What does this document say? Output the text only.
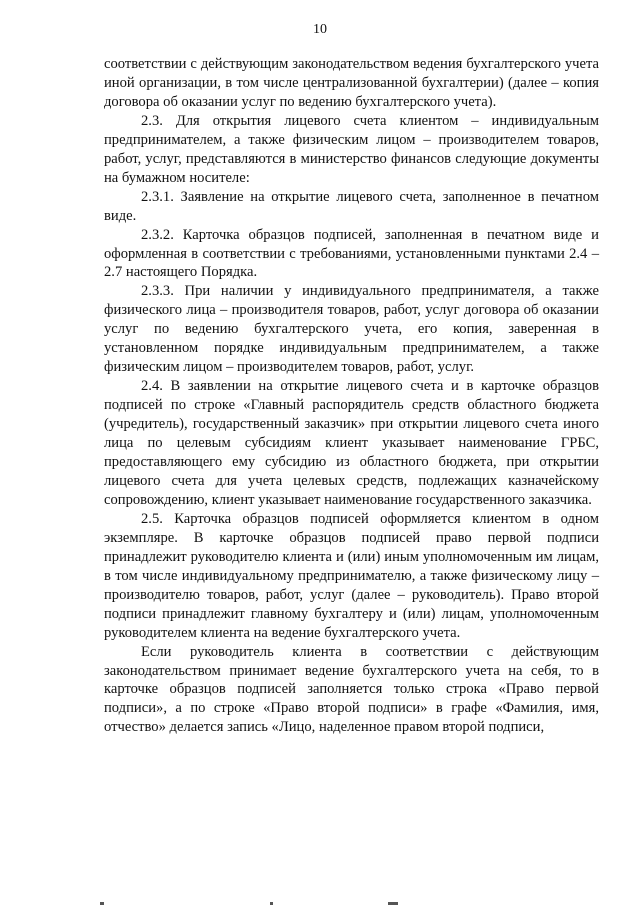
10

соответствии с действующим законодательством ведения бухгалтерского учета иной организации, в том числе централизованной бухгалтерии) (далее – копия договора об оказании услуг по ведению бухгалтерского учета).

2.3. Для открытия лицевого счета клиентом – индивидуальным предпринимателем, а также физическим лицом – производителем товаров, работ, услуг, представляются в министерство финансов следующие документы на бумажном носителе:

2.3.1. Заявление на открытие лицевого счета, заполненное в печатном виде.

2.3.2. Карточка образцов подписей, заполненная в печатном виде и оформленная в соответствии с требованиями, установленными пунктами 2.4 – 2.7 настоящего Порядка.

2.3.3. При наличии у индивидуального предпринимателя, а также физического лица – производителя товаров, работ, услуг договора об оказании услуг по ведению бухгалтерского учета, его копия, заверенная в установленном порядке индивидуальным предпринимателем, а также физическим лицом – производителем товаров, работ, услуг.

2.4. В заявлении на открытие лицевого счета и в карточке образцов подписей по строке «Главный распорядитель средств областного бюджета (учредитель), государственный заказчик» при открытии лицевого счета иного лица по целевым субсидиям клиент указывает наименование ГРБС, предоставляющего ему субсидию из областного бюджета, при открытии лицевого счета для учета целевых средств, подлежащих казначейскому сопровождению, клиент указывает наименование государственного заказчика.

2.5. Карточка образцов подписей оформляется клиентом в одном экземпляре. В карточке образцов подписей право первой подписи принадлежит руководителю клиента и (или) иным уполномоченным им лицам, в том числе индивидуальному предпринимателю, а также физическому лицу – производителю товаров, работ, услуг (далее – руководитель). Право второй подписи принадлежит главному бухгалтеру и (или) лицам, уполномоченным руководителем клиента на ведение бухгалтерского учета.

Если руководитель клиента в соответствии с действующим законодательством принимает ведение бухгалтерского учета на себя, то в карточке образцов подписей заполняется только строка «Право первой подписи», а по строке «Право второй подписи» в графе «Фамилия, имя, отчество» делается запись «Лицо, наделенное правом второй подписи,
